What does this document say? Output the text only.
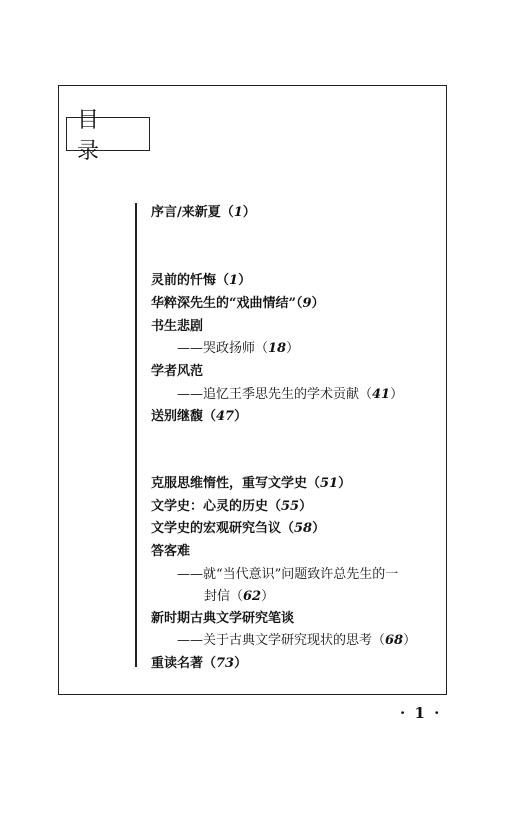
目 录
序言/来新夏（1）
灵前的忏悔（1）
华粹深先生的“戏曲情结”（9）
书生悲剧
——哭政扬师（18）
学者风范
——追忆王季思先生的学术贡献（41）
送别继馥（47）
克服思维惰性，重写文学史（51）
文学史：心灵的历史（55）
文学史的宏观研究刍议（58）
答客难
——就“当代意识”问题致许总先生的一
封信（62）
新时期古典文学研究笔谈
——关于古典文学研究现状的思考（68）
重读名著（73）
· 1 ·
